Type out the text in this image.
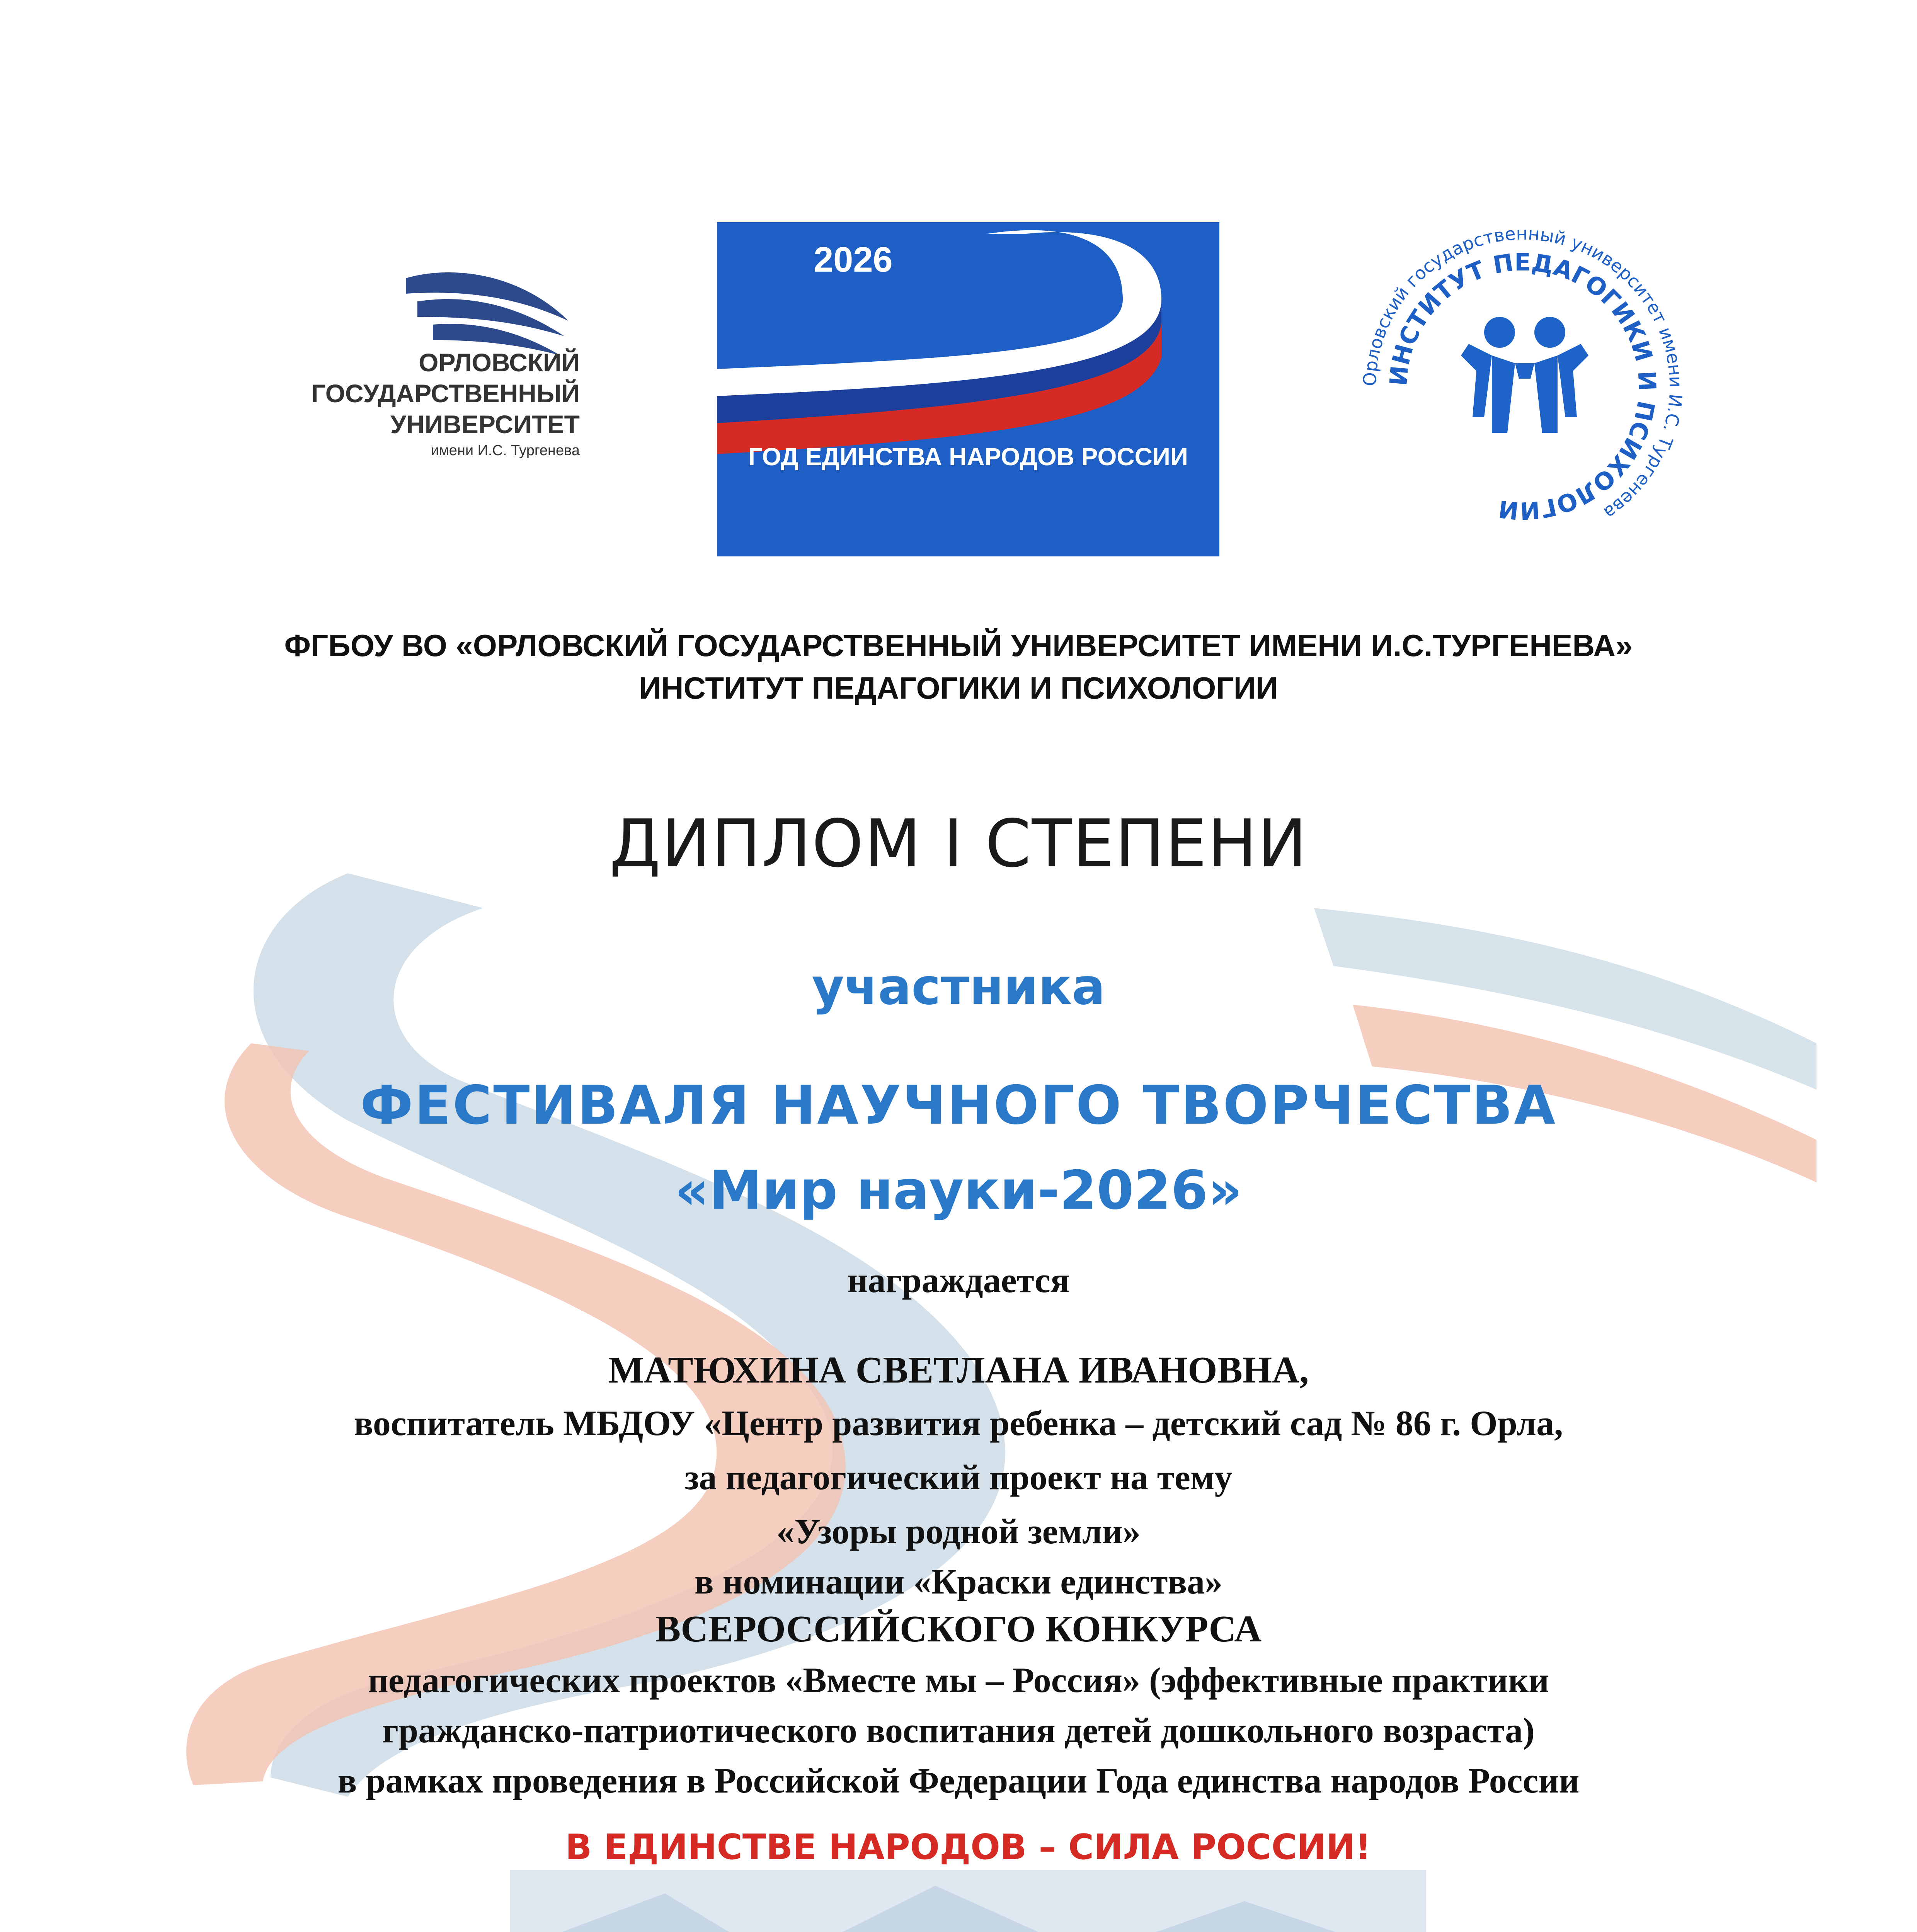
ОРЛОВСКИЙ
ГОСУДАРСТВЕННЫЙ
УНИВЕРСИТЕТ
имени И.С. Тургенева
2026
ГОД ЕДИНСТВА НАРОДОВ РОССИИ
Орловский государственный университет имени И.С. Тургенева
ИНСТИТУТ ПЕДАГОГИКИ И ПСИХОЛОГИИ
ФГБОУ ВО «ОРЛОВСКИЙ ГОСУДАРСТВЕННЫЙ УНИВЕРСИТЕТ ИМЕНИ И.С.ТУРГЕНЕВА»
ИНСТИТУТ ПЕДАГОГИКИ И ПСИХОЛОГИИ
ДИПЛОМ I СТЕПЕНИ
участника
ФЕСТИВАЛЯ НАУЧНОГО ТВОРЧЕСТВА
«Мир науки-2026»
награждается
МАТЮХИНА СВЕТЛАНА ИВАНОВНА,
воспитатель МБДОУ «Центр развития ребенка – детский сад № 86 г. Орла,
за педагогический проект на тему
«Узоры родной земли»
в номинации «Краски единства»
ВСЕРОССИЙСКОГО КОНКУРСА
педагогических проектов «Вместе мы – Россия» (эффективные практики
гражданско-патриотического воспитания детей дошкольного возраста)
в рамках проведения в Российской Федерации Года единства народов России
В ЕДИНСТВЕ НАРОДОВ – СИЛА РОССИИ!
